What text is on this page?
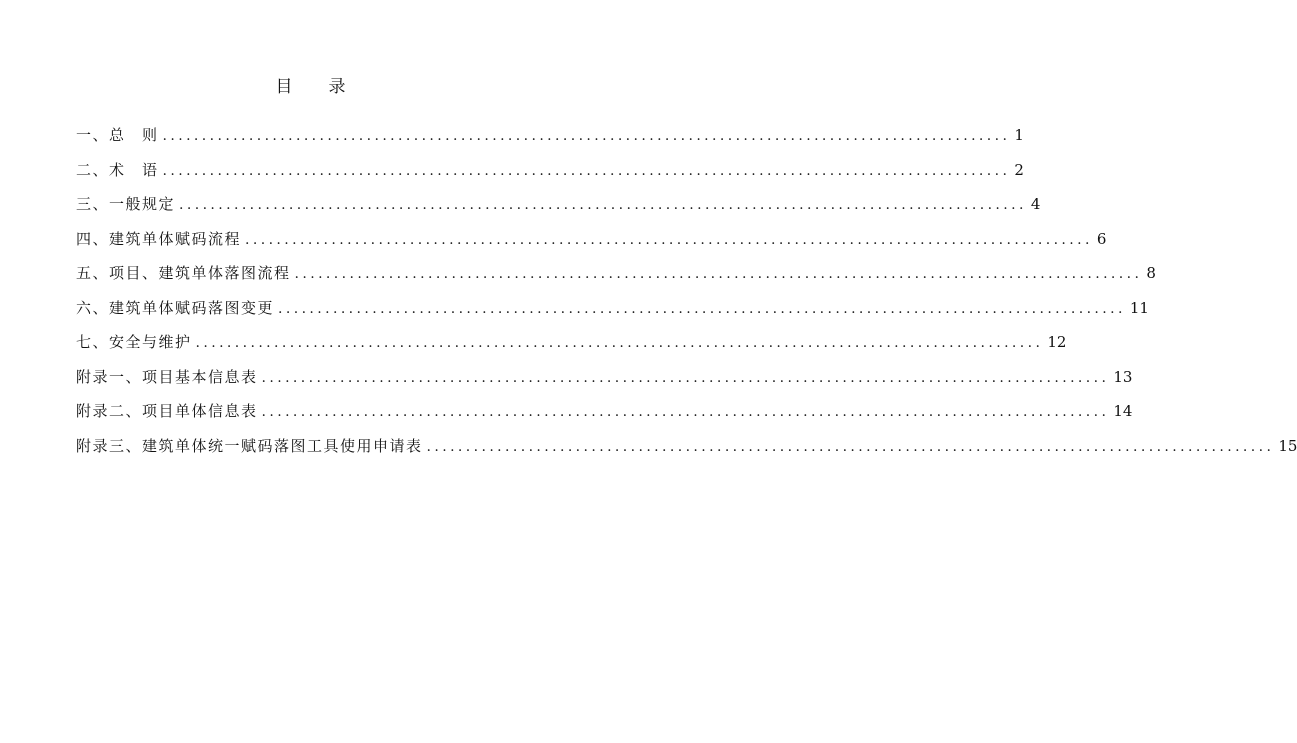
目 录
一、总　则 ............................................................................................................ 1
二、术　语 ............................................................................................................ 2
三、一般规定 ............................................................................................................ 4
四、建筑单体赋码流程 ............................................................................................................ 6
五、项目、建筑单体落图流程 ............................................................................................................ 8
六、建筑单体赋码落图变更 ............................................................................................................ 11
七、安全与维护 ............................................................................................................ 12
附录一、项目基本信息表 ............................................................................................................ 13
附录二、项目单体信息表 ............................................................................................................ 14
附录三、建筑单体统一赋码落图工具使用申请表 ............................................................................................................ 15
